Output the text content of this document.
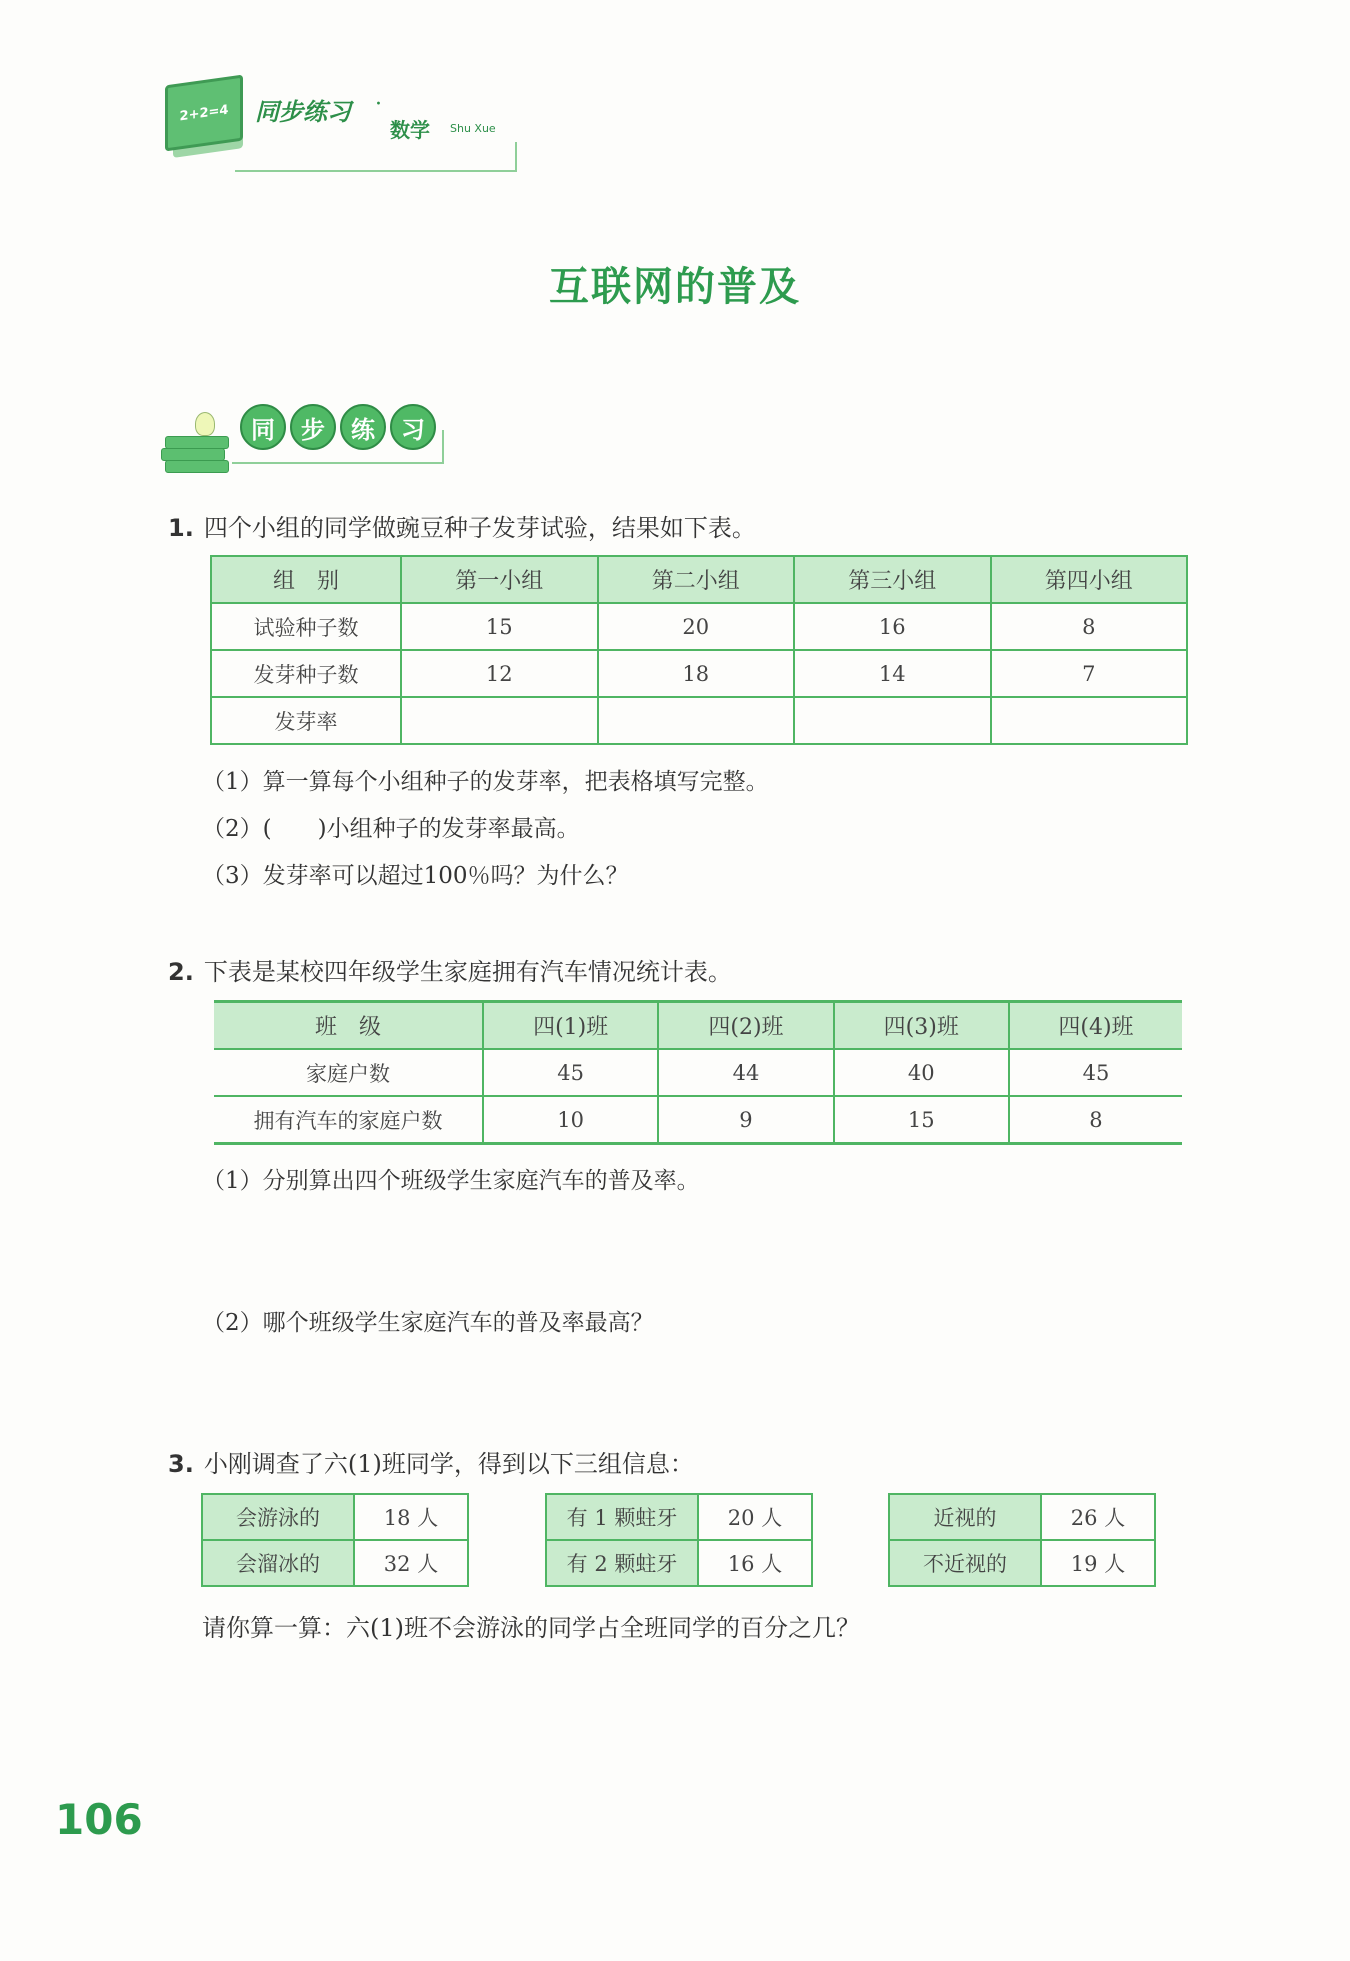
2+2=4	同步练习 ·
数学 Shu Xue
互联网的普及
同	步	练	习
1. 四个小组的同学做豌豆种子发芽试验，结果如下表。
组　别	第一小组	第二小组	第三小组	第四小组
试验种子数	15	20	16	8
发芽种子数	12	18	14	7
发芽率				
（1）算一算每个小组种子的发芽率，把表格填写完整。
（2）(　　)小组种子的发芽率最高。
（3）发芽率可以超过100％吗？为什么？
2. 下表是某校四年级学生家庭拥有汽车情况统计表。
班　级	四(1)班	四(2)班	四(3)班	四(4)班
家庭户数	45	44	40	45
拥有汽车的家庭户数	10	9	15	8
（1）分别算出四个班级学生家庭汽车的普及率。
（2）哪个班级学生家庭汽车的普及率最高？
3. 小刚调查了六(1)班同学，得到以下三组信息：
会游泳的	18 人
会溜冰的	32 人
有 1 颗蛀牙	20 人
有 2 颗蛀牙	16 人
近视的	26 人
不近视的	19 人
请你算一算：六(1)班不会游泳的同学占全班同学的百分之几？
106
